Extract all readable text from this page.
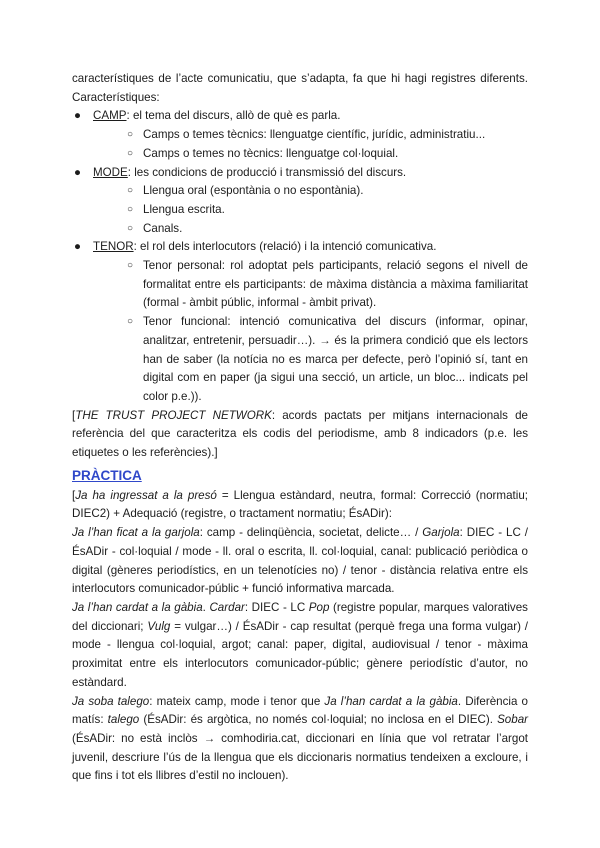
característiques de l’acte comunicatiu, que s’adapta, fa que hi hagi registres diferents.

Característiques:

● CAMP: el tema del discurs, allò de què es parla.

○ Camps o temes tècnics: llenguatge científic, jurídic, administratiu...

○ Camps o temes no tècnics: llenguatge col·loquial.

● MODE: les condicions de producció i transmissió del discurs.

○ Llengua oral (espontània o no espontània).

○ Llengua escrita.

○ Canals.

● TENOR: el rol dels interlocutors (relació) i la intenció comunicativa.

○ Tenor personal: rol adoptat pels participants, relació segons el nivell de formalitat entre els participants: de màxima distància a màxima familiaritat (formal - àmbit públic, informal - àmbit privat).

○ Tenor funcional: intenció comunicativa del discurs (informar, opinar, analitzar, entretenir, persuadir…). → és la primera condició que els lectors han de saber (la notícia no es marca per defecte, però l’opinió sí, tant en digital com en paper (ja sigui una secció, un article, un bloc... indicats pel color p.e.)).

[THE TRUST PROJECT NETWORK: acords pactats per mitjans internacionals de referència del que caracteritza els codis del periodisme, amb 8 indicadors (p.e. les etiquetes o les referències).]

PRÀCTICA

[Ja ha ingressat a la presó = Llengua estàndard, neutra, formal: Correcció (normatiu; DIEC2) + Adequació (registre, o tractament normatiu; ÉsADir):

Ja l’han ficat a la garjola: camp - delinqüència, societat, delicte… / Garjola: DIEC - LC / ÉsADir - col·loquial / mode - ll. oral o escrita, ll. col·loquial, canal: publicació periòdica o digital (gèneres periodístics, en un telenotícies no) / tenor - distància relativa entre els interlocutors comunicador-públic + funció informativa marcada.

Ja l’han cardat a la gàbia. Cardar: DIEC - LC Pop (registre popular, marques valoratives del diccionari; Vulg = vulgar…) / ÉsADir - cap resultat (perquè frega una forma vulgar) / mode - llengua col·loquial, argot; canal: paper, digital, audiovisual / tenor - màxima proximitat entre els interlocutors comunicador-públic; gènere periodístic d’autor, no estàndard.

Ja soba talego: mateix camp, mode i tenor que Ja l’han cardat a la gàbia. Diferència o matís: talego (ÉsADir: és argòtica, no només col·loquial; no inclosa en el DIEC). Sobar (ÉsADir: no està inclòs → comhodiria.cat, diccionari en línia que vol retratar l’argot juvenil, descriure l’ús de la llengua que els diccionaris normatius tendeixen a excloure, i que fins i tot els llibres d’estil no inclouen).
